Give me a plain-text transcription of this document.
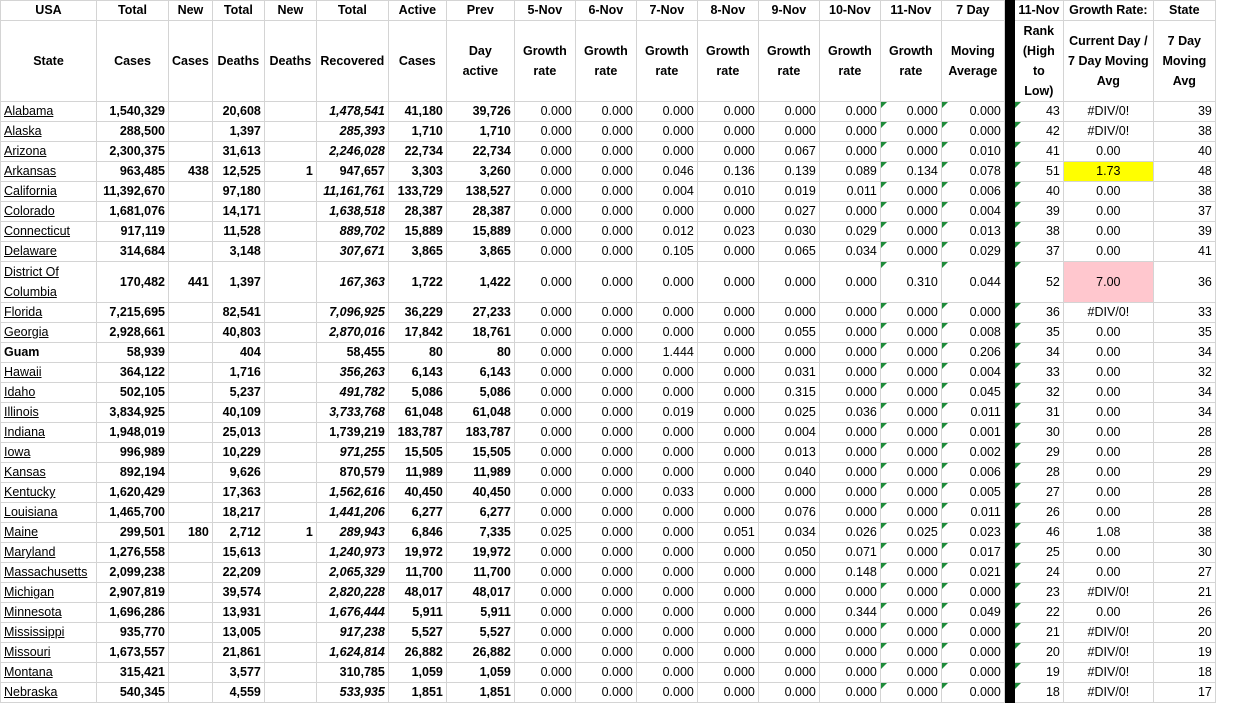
USA	Total	New	Total	New	Total	Active	Prev	5-Nov	6-Nov	7-Nov	8-Nov	9-Nov	10-Nov	11-Nov	7 Day		11-Nov	Growth Rate:	State
State	Cases	Cases	Deaths	Deaths	Recovered	Cases	Day active	Growth rate	Growth rate	Growth rate	Growth rate	Growth rate	Growth rate	Growth rate	Moving Average		Rank (High to Low)	Current Day / 7 Day Moving Avg	7 Day Moving Avg
Alabama	1,540,329		20,608		1,478,541	41,180	39,726	0.000	0.000	0.000	0.000	0.000	0.000	0.000	0.000		43	#DIV/0!	39
Alaska	288,500		1,397		285,393	1,710	1,710	0.000	0.000	0.000	0.000	0.000	0.000	0.000	0.000		42	#DIV/0!	38
Arizona	2,300,375		31,613		2,246,028	22,734	22,734	0.000	0.000	0.000	0.000	0.067	0.000	0.000	0.010		41	0.00	40
Arkansas	963,485	438	12,525	1	947,657	3,303	3,260	0.000	0.000	0.046	0.136	0.139	0.089	0.134	0.078		51	1.73	48
California	11,392,670		97,180		11,161,761	133,729	138,527	0.000	0.000	0.004	0.010	0.019	0.011	0.000	0.006		40	0.00	38
Colorado	1,681,076		14,171		1,638,518	28,387	28,387	0.000	0.000	0.000	0.000	0.027	0.000	0.000	0.004		39	0.00	37
Connecticut	917,119		11,528		889,702	15,889	15,889	0.000	0.000	0.012	0.023	0.030	0.029	0.000	0.013		38	0.00	39
Delaware	314,684		3,148		307,671	3,865	3,865	0.000	0.000	0.105	0.000	0.065	0.034	0.000	0.029		37	0.00	41
District Of Columbia	170,482	441	1,397		167,363	1,722	1,422	0.000	0.000	0.000	0.000	0.000	0.000	0.310	0.044		52	7.00	36
Florida	7,215,695		82,541		7,096,925	36,229	27,233	0.000	0.000	0.000	0.000	0.000	0.000	0.000	0.000		36	#DIV/0!	33
Georgia	2,928,661		40,803		2,870,016	17,842	18,761	0.000	0.000	0.000	0.000	0.055	0.000	0.000	0.008		35	0.00	35
Guam	58,939		404		58,455	80	80	0.000	0.000	1.444	0.000	0.000	0.000	0.000	0.206		34	0.00	34
Hawaii	364,122		1,716		356,263	6,143	6,143	0.000	0.000	0.000	0.000	0.031	0.000	0.000	0.004		33	0.00	32
Idaho	502,105		5,237		491,782	5,086	5,086	0.000	0.000	0.000	0.000	0.315	0.000	0.000	0.045		32	0.00	34
Illinois	3,834,925		40,109		3,733,768	61,048	61,048	0.000	0.000	0.019	0.000	0.025	0.036	0.000	0.011		31	0.00	34
Indiana	1,948,019		25,013		1,739,219	183,787	183,787	0.000	0.000	0.000	0.000	0.004	0.000	0.000	0.001		30	0.00	28
Iowa	996,989		10,229		971,255	15,505	15,505	0.000	0.000	0.000	0.000	0.013	0.000	0.000	0.002		29	0.00	28
Kansas	892,194		9,626		870,579	11,989	11,989	0.000	0.000	0.000	0.000	0.040	0.000	0.000	0.006		28	0.00	29
Kentucky	1,620,429		17,363		1,562,616	40,450	40,450	0.000	0.000	0.033	0.000	0.000	0.000	0.000	0.005		27	0.00	28
Louisiana	1,465,700		18,217		1,441,206	6,277	6,277	0.000	0.000	0.000	0.000	0.076	0.000	0.000	0.011		26	0.00	28
Maine	299,501	180	2,712	1	289,943	6,846	7,335	0.025	0.000	0.000	0.051	0.034	0.026	0.025	0.023		46	1.08	38
Maryland	1,276,558		15,613		1,240,973	19,972	19,972	0.000	0.000	0.000	0.000	0.050	0.071	0.000	0.017		25	0.00	30
Massachusetts	2,099,238		22,209		2,065,329	11,700	11,700	0.000	0.000	0.000	0.000	0.000	0.148	0.000	0.021		24	0.00	27
Michigan	2,907,819		39,574		2,820,228	48,017	48,017	0.000	0.000	0.000	0.000	0.000	0.000	0.000	0.000		23	#DIV/0!	21
Minnesota	1,696,286		13,931		1,676,444	5,911	5,911	0.000	0.000	0.000	0.000	0.000	0.344	0.000	0.049		22	0.00	26
Mississippi	935,770		13,005		917,238	5,527	5,527	0.000	0.000	0.000	0.000	0.000	0.000	0.000	0.000		21	#DIV/0!	20
Missouri	1,673,557		21,861		1,624,814	26,882	26,882	0.000	0.000	0.000	0.000	0.000	0.000	0.000	0.000		20	#DIV/0!	19
Montana	315,421		3,577		310,785	1,059	1,059	0.000	0.000	0.000	0.000	0.000	0.000	0.000	0.000		19	#DIV/0!	18
Nebraska	540,345		4,559		533,935	1,851	1,851	0.000	0.000	0.000	0.000	0.000	0.000	0.000	0.000		18	#DIV/0!	17
